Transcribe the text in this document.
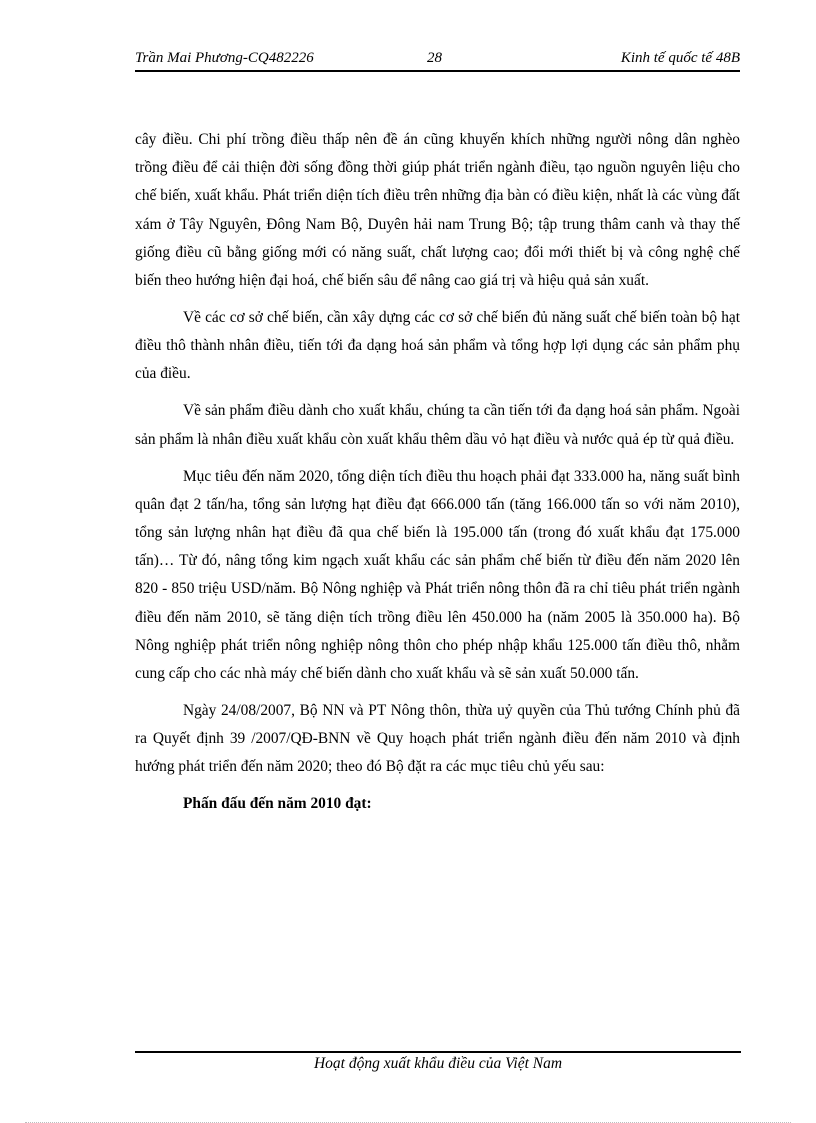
Trần Mai Phương-CQ482226	28	Kinh tế quốc tế 48B

cây điều. Chi phí trồng điều thấp nên đề án cũng khuyến khích những người nông dân nghèo trồng điều để cải thiện đời sống đồng thời giúp phát triển ngành điều, tạo nguồn nguyên liệu cho chế biến, xuất khẩu. Phát triển diện tích điều trên những địa bàn có điều kiện, nhất là các vùng đất xám ở Tây Nguyên, Đông Nam Bộ, Duyên hải nam Trung Bộ; tập trung thâm canh và thay thế giống điều cũ bằng giống mới có năng suất, chất lượng cao; đổi mới thiết bị và công nghệ chế biến theo hướng hiện đại hoá, chế biến sâu để nâng cao giá trị và hiệu quả sản xuất.

Về các cơ sở chế biến, cần xây dựng các cơ sở chế biến đủ năng suất chế biến toàn bộ hạt điều thô thành nhân điều, tiến tới đa dạng hoá sản phẩm và tổng hợp lợi dụng các sản phẩm phụ của điều.

Về sản phẩm điều dành cho xuất khẩu, chúng ta cần tiến tới đa dạng hoá sản phẩm. Ngoài sản phẩm là nhân điều xuất khẩu còn xuất khẩu thêm dầu vỏ hạt điều và nước quả ép từ quả điều.

Mục tiêu đến năm 2020, tổng diện tích điều thu hoạch phải đạt 333.000 ha, năng suất bình quân đạt 2 tấn/ha, tổng sản lượng hạt điều đạt 666.000 tấn (tăng 166.000 tấn so với năm 2010), tổng sản lượng nhân hạt điều đã qua chế biến là 195.000 tấn (trong đó xuất khẩu đạt 175.000 tấn)… Từ đó, nâng tổng kim ngạch xuất khẩu các sản phẩm chế biến từ điều đến năm 2020 lên 820 - 850 triệu USD/năm. Bộ Nông nghiệp và Phát triển nông thôn đã ra chỉ tiêu phát triển ngành điều đến năm 2010, sẽ tăng diện tích trồng điều lên 450.000 ha (năm 2005 là 350.000 ha). Bộ Nông nghiệp phát triển nông nghiệp nông thôn cho phép nhập khẩu 125.000 tấn điều thô, nhằm cung cấp cho các nhà máy chế biến dành cho xuất khẩu và sẽ sản xuất 50.000 tấn.

Ngày 24/08/2007, Bộ NN và PT Nông thôn, thừa uỷ quyền của Thủ tướng Chính phủ đã ra Quyết định 39 /2007/QĐ-BNN về Quy hoạch phát triển ngành điều đến năm 2010 và định hướng phát triển đến năm 2020; theo đó Bộ đặt ra các mục tiêu chủ yếu sau:

Phấn đấu đến năm 2010 đạt:

Hoạt động xuất khẩu điều của Việt Nam
